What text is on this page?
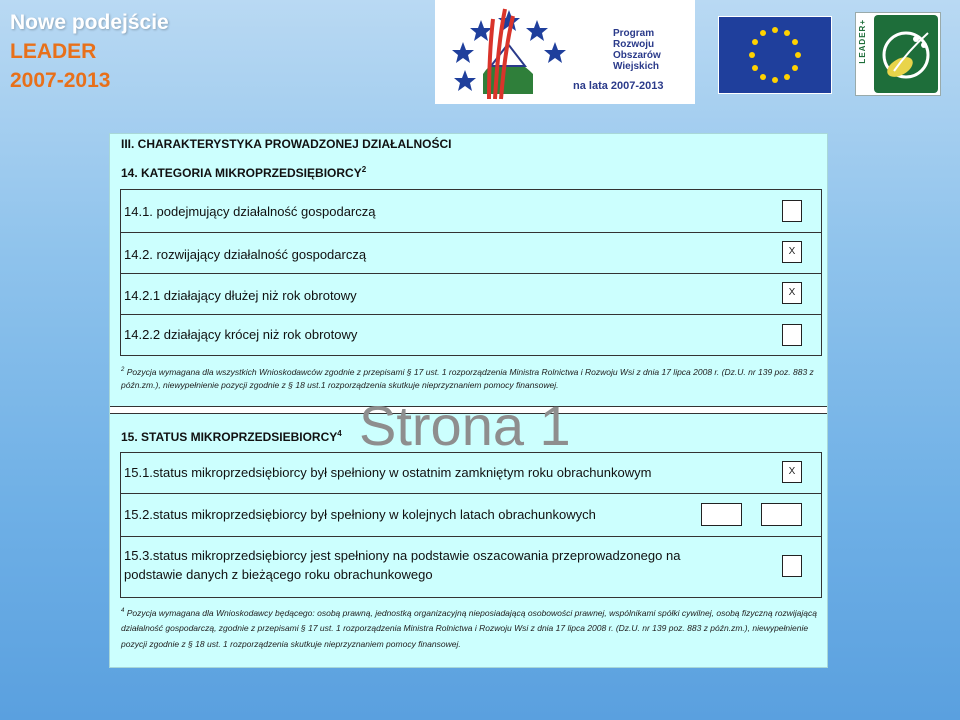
Nowe podejście
LEADER
2007-2013
Program
Rozwoju
Obszarów
Wiejskich
na lata 2007-2013
LEADER+
III. CHARAKTERYSTYKA PROWADZONEJ DZIAŁALNOŚCI
14. KATEGORIA MIKROPRZEDSIĘBIORCY$^2$
14.1. podejmujący działalność gospodarczą
14.2. rozwijający działalność gospodarczą	X
14.2.1 działający dłużej niż rok obrotowy	X
14.2.2 działający krócej niż rok obrotowy
$^2$ Pozycja wymagana dla wszystkich Wnioskodawców zgodnie z przepisami § 17 ust. 1 rozporządzenia Ministra Rolnictwa i Rozwoju Wsi z dnia 17 lipca 2008 r. (Dz.U. nr 139 poz. 883 z późn.zm.), niewypełnienie pozycji zgodnie z § 18 ust.1 rozporządzenia skutkuje nieprzyznaniem pomocy finansowej.
15. STATUS MIKROPRZEDSIEBIORCY$^4$
15.1.status mikroprzedsiębiorcy był spełniony w ostatnim zamkniętym roku obrachunkowym	X
15.2.status mikroprzedsiębiorcy był spełniony w kolejnych latach obrachunkowych
15.3.status mikroprzedsiębiorcy jest spełniony na podstawie oszacowania przeprowadzonego na
podstawie danych z bieżącego roku obrachunkowego
$^4$ Pozycja wymagana dla Wnioskodawcy będącego: osobą prawną, jednostką organizacyjną nieposiadającą osobowości prawnej, wspólnikami spółki cywilnej, osobą fizyczną rozwijającą działalność gospodarczą, zgodnie z przepisami § 17 ust. 1 rozporządzenia Ministra Rolnictwa i Rozwoju Wsi z dnia 17 lipca 2008 r. (Dz.U. nr 139 poz. 883 z późn.zm.), niewypełnienie pozycji zgodnie z § 18 ust. 1 rozporządzenia skutkuje nieprzyznaniem pomocy finansowej.
Strona 1
